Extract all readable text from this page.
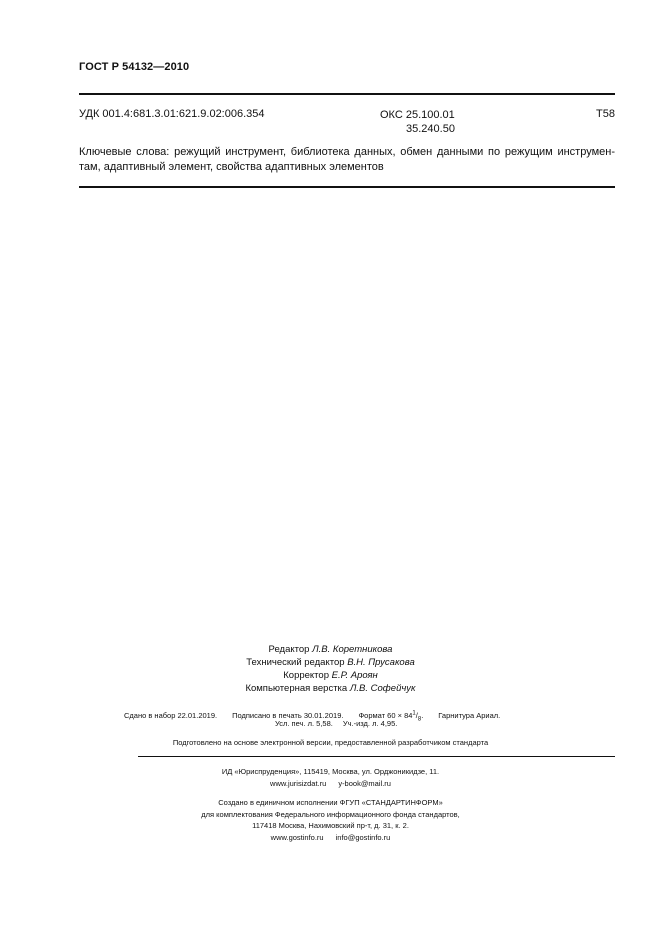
ГОСТ Р 54132—2010
УДК 001.4:681.3.01:621.9.02:006.354	ОКС 25.100.01
35.240.50
Т58
Ключевые слова: режущий инструмент, библиотека данных, обмен данными по режущим инструмен-там, адаптивный элемент, свойства адаптивных элементов
Редактор Л.В. Коретникова
Технический редактор В.Н. Прусакова
Корректор Е.Р. Ароян
Компьютерная верстка Л.В. Софейчук
Сдано в набор 22.01.2019. Подписано в печать 30.01.2019. Формат $60 \times 84^1/_8$. Гарнитура Ариал.
Усл. печ. л. 5,58. Уч.-изд. л. 4,95.
Подготовлено на основе электронной версии, предоставленной разработчиком стандарта
ИД «Юриспруденция», 115419, Москва, ул. Орджоникидзе, 11.
www.jurisizdat.ru y-book@mail.ru
Создано в единичном исполнении ФГУП «СТАНДАРТИНФОРМ»
для комплектования Федерального информационного фонда стандартов,
117418 Москва, Нахимовский пр-т, д. 31, к. 2.
www.gostinfo.ru info@gostinfo.ru
